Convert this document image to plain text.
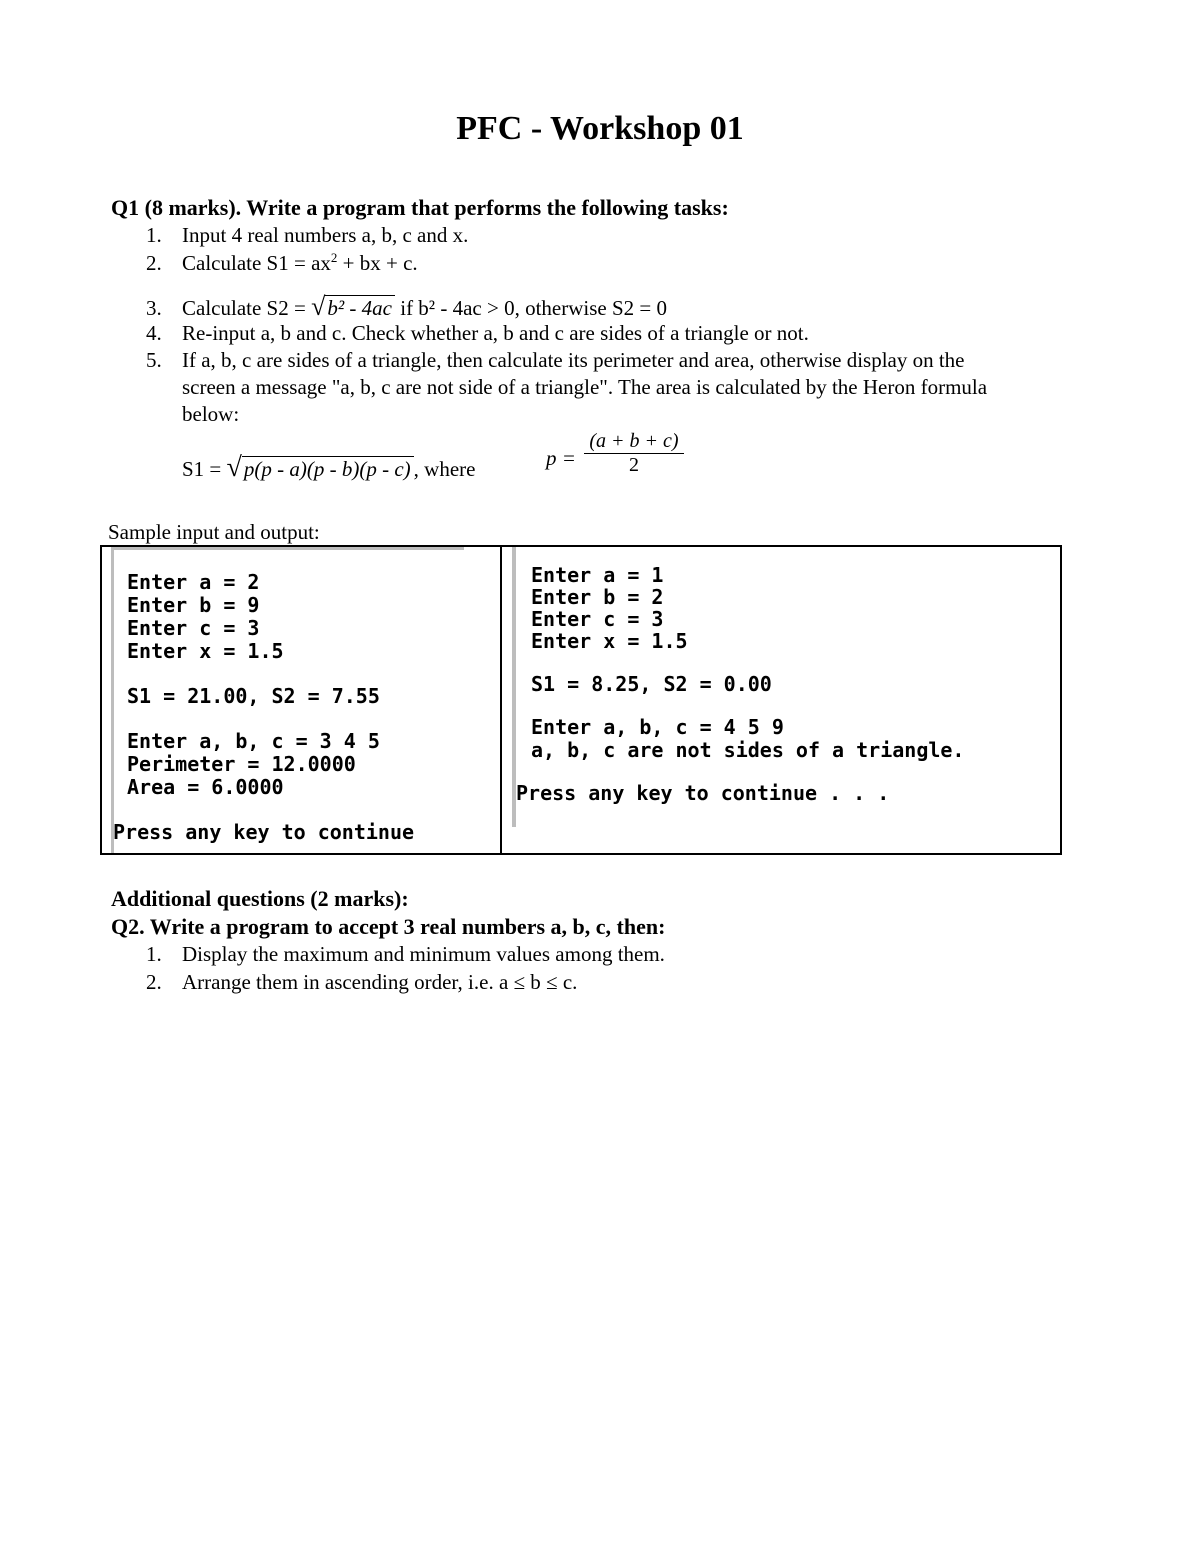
PFC - Workshop 01
Q1 (8 marks). Write a program that performs the following tasks:
1. Input 4 real numbers a, b, c and x.
2. Calculate $S1 = ax^2$ + bx + c.
3. Calculate S2 = √b² - 4ac if b² - 4ac > 0, otherwise S2 = 0
4. Re-input a, b and c. Check whether a, b and c are sides of a triangle or not.
5. If a, b, c are sides of a triangle, then calculate its perimeter and area, otherwise display on the
screen a message "a, b, c are not side of a triangle". The area is calculated by the Heron formula
below:
S1 = √p(p - a)(p - b)(p - c) , where	$p = \frac{(a + b + c)}{2}$
Sample input and output:
Enter a = 2
Enter b = 9
Enter c = 3
Enter x = 1.5
S1 = 21.00, S2 = 7.55
Enter a, b, c = 3 4 5
Perimeter = 12.0000
Area = 6.0000
Press any key to continue
Enter a = 1
Enter b = 2
Enter c = 3
Enter x = 1.5
S1 = 8.25, S2 = 0.00
Enter a, b, c = 4 5 9
a, b, c are not sides of a triangle.
Press any key to continue . . .
Additional questions (2 marks):
Q2. Write a program to accept 3 real numbers a, b, c, then:
1. Display the maximum and minimum values among them.
2. Arrange them in ascending order, i.e. a ≤ b ≤ c.
